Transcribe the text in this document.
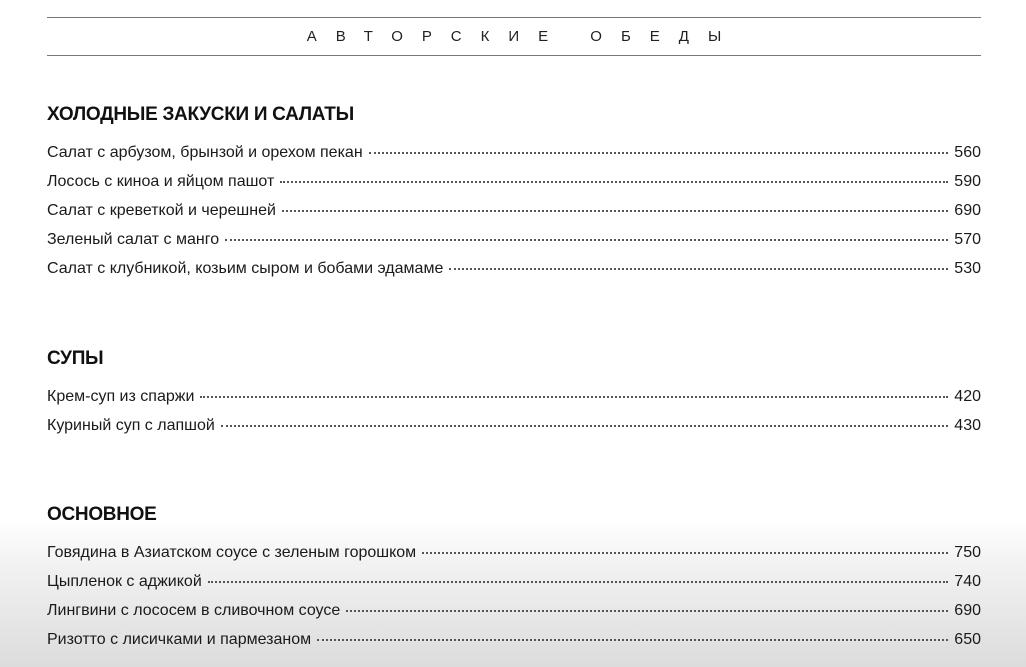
АВТОРСКИЕ ОБЕДЫ
ХОЛОДНЫЕ ЗАКУСКИ И САЛАТЫ
Салат с арбузом, брынзой и орехом пекан	560
Лосось с киноа и яйцом пашот	590
Салат с креветкой и черешней	690
Зеленый салат с манго	570
Салат с клубникой, козьим сыром и бобами эдамаме	530
СУПЫ
Крем-суп из спаржи	420
Куриный суп с лапшой	430
ОСНОВНОЕ
Говядина в Азиатском соусе с зеленым горошком	750
Цыпленок с аджикой	740
Лингвини с лососем в сливочном соусе	690
Ризотто с лисичками и пармезаном	650
